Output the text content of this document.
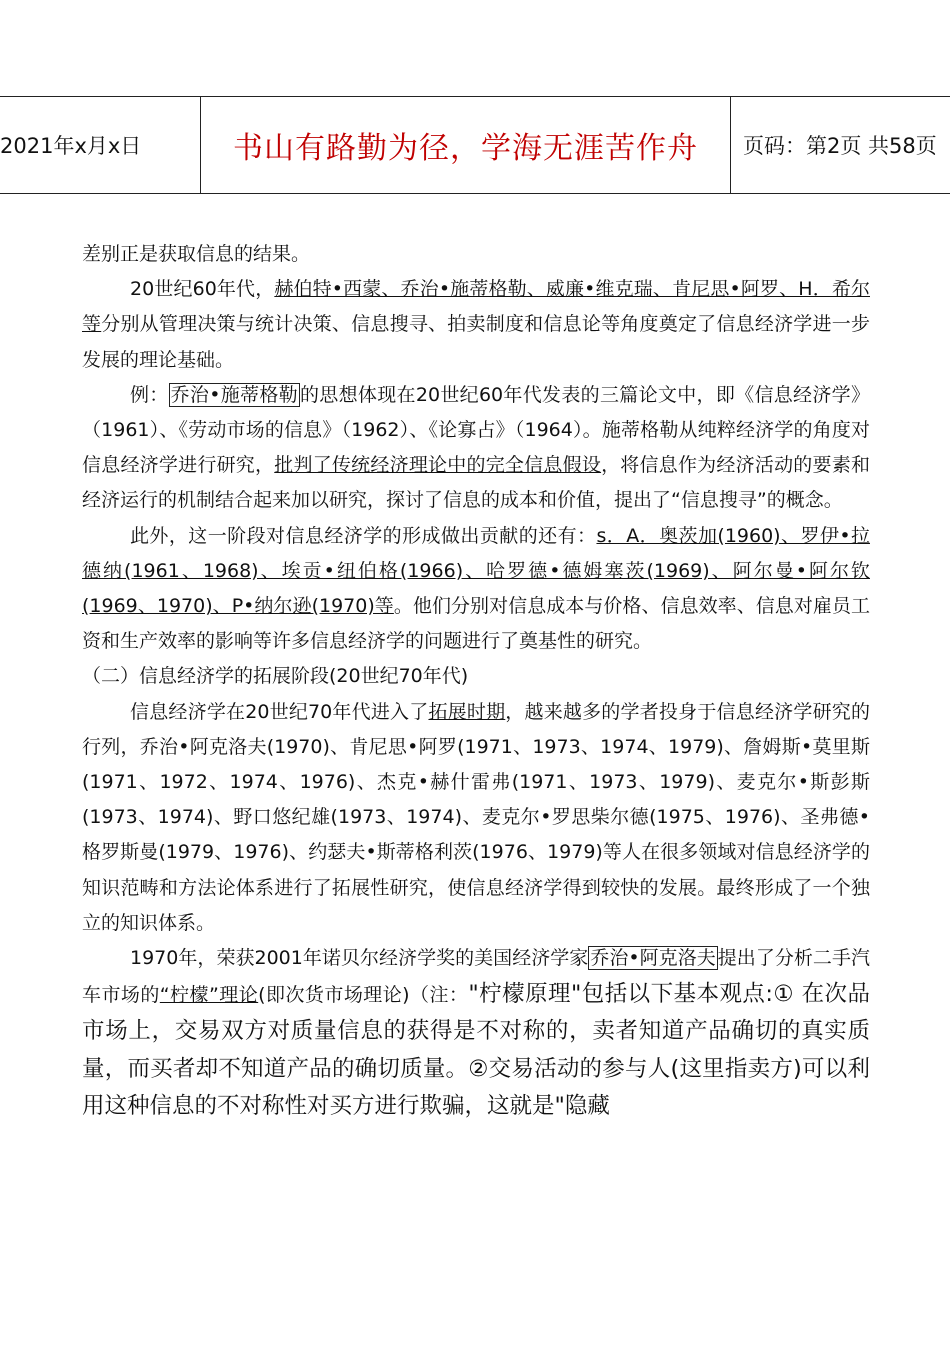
2021年x月x日	书山有路勤为径，学海无涯苦作舟	页码：第2页 共58页

差别正是获取信息的结果。

20世纪60年代，赫伯特•西蒙、乔治•施蒂格勒、威廉•维克瑞、肯尼思•阿罗、H．希尔等分别从管理决策与统计决策、信息搜寻、拍卖制度和信息论等角度奠定了信息经济学进一步发展的理论基础。

例： 乔治•施蒂格勒 的思想体现在20世纪60年代发表的三篇论文中，即《信息经济学》（1961）、《劳动市场的信息》（1962）、《论寡占》（1964）。施蒂格勒从纯粹经济学的角度对信息经济学进行研究，批判了传统经济理论中的完全信息假设，将信息作为经济活动的要素和经济运行的机制结合起来加以研究，探讨了信息的成本和价值，提出了“信息搜寻”的概念。

此外，这一阶段对信息经济学的形成做出贡献的还有：s．A．奥茨加(1960)、罗伊•拉德纳(1961、1968)、埃贡•纽伯格(1966)、哈罗德•德姆塞茨(1969)、阿尔曼•阿尔钦(1969、1970)、P•纳尔逊(1970)等。他们分别对信息成本与价格、信息效率、信息对雇员工资和生产效率的影响等许多信息经济学的问题进行了奠基性的研究。

（二）信息经济学的拓展阶段(20世纪70年代)

信息经济学在20世纪70年代进入了拓展时期，越来越多的学者投身于信息经济学研究的行列，乔治•阿克洛夫(1970)、肯尼思•阿罗(1971、1973、1974、1979)、詹姆斯•莫里斯(1971、1972、1974、1976)、杰克•赫什雷弗(1971、1973、1979)、麦克尔•斯彭斯(1973、1974)、野口悠纪雄(1973、1974)、麦克尔•罗思柴尔德(1975、1976)、圣弗德•格罗斯曼(1979、1976)、约瑟夫•斯蒂格利茨(1976、1979)等人在很多领域对信息经济学的知识范畴和方法论体系进行了拓展性研究，使信息经济学得到较快的发展。最终形成了一个独立的知识体系。

1970年，荣获2001年诺贝尔经济学奖的美国经济学家 乔治•阿克洛夫 提出了分析二手汽车市场的“柠檬”理论(即次货市场理论)（注："柠檬原理"包括以下基本观点:① 在次品市场上，交易双方对质量信息的获得是不对称的，卖者知道产品确切的真实质量，而买者却不知道产品的确切质量。②交易活动的参与人(这里指卖方)可以利用这种信息的不对称性对买方进行欺骗，这就是"隐藏
